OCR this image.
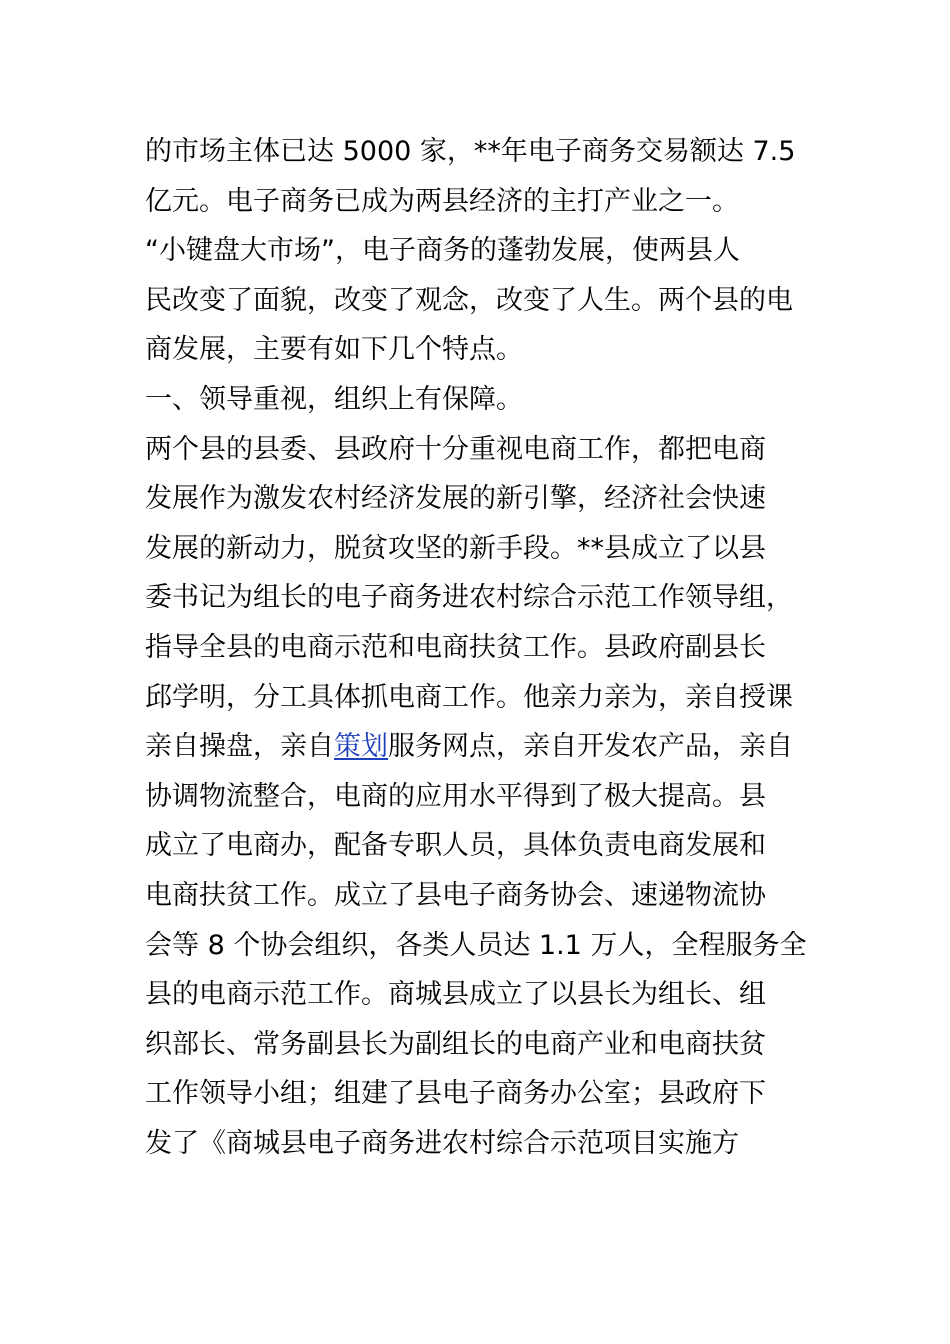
的市场主体已达 5000 家，**年电子商务交易额达 7.5
亿元。电子商务已成为两县经济的主打产业之一。
“小键盘大市场”，电子商务的蓬勃发展，使两县人
民改变了面貌，改变了观念，改变了人生。两个县的电
商发展，主要有如下几个特点。
一、领导重视，组织上有保障。
两个县的县委、县政府十分重视电商工作，都把电商
发展作为激发农村经济发展的新引擎，经济社会快速
发展的新动力，脱贫攻坚的新手段。**县成立了以县
委书记为组长的电子商务进农村综合示范工作领导组，
指导全县的电商示范和电商扶贫工作。县政府副县长
邱学明，分工具体抓电商工作。他亲力亲为，亲自授课
亲自操盘，亲自策划服务网点，亲自开发农产品，亲自
协调物流整合，电商的应用水平得到了极大提高。县
成立了电商办，配备专职人员，具体负责电商发展和
电商扶贫工作。成立了县电子商务协会、速递物流协
会等 8 个协会组织，各类人员达 1.1 万人，全程服务全
县的电商示范工作。商城县成立了以县长为组长、组
织部长、常务副县长为副组长的电商产业和电商扶贫
工作领导小组；组建了县电子商务办公室；县政府下
发了《商城县电子商务进农村综合示范项目实施方
